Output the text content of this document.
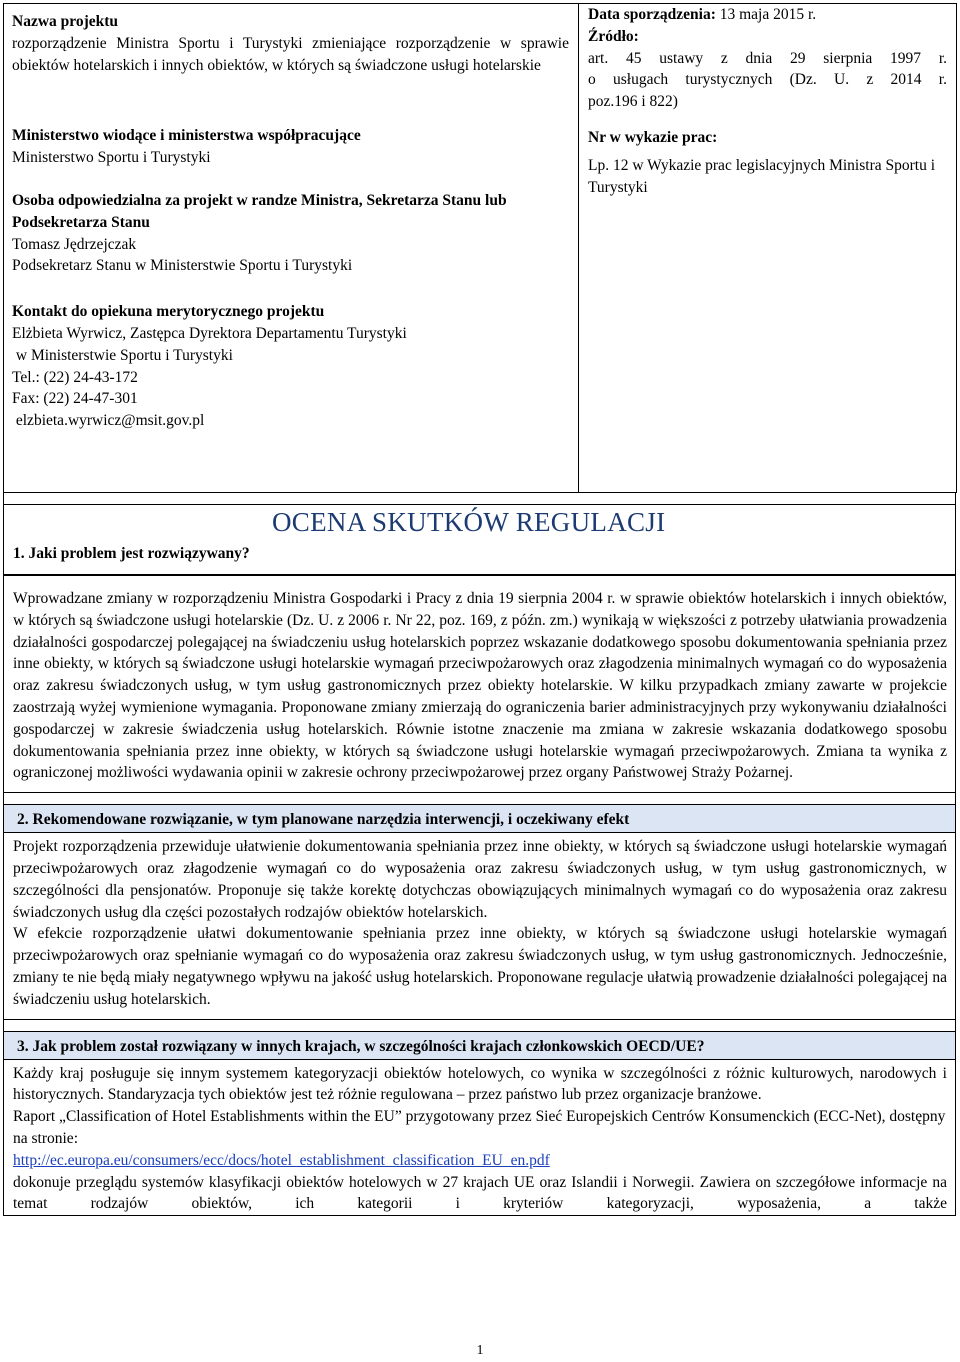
Nazwa projektu

rozporządzenie Ministra Sportu i Turystyki zmieniające rozporządzenie w sprawie obiektów hotelarskich i innych obiektów, w których są świadczone usługi hotelarskie

Ministerstwo wiodące i ministerstwa współpracujące

Ministerstwo Sportu i Turystyki

Osoba odpowiedzialna za projekt w randze Ministra, Sekretarza Stanu lub Podsekretarza Stanu

Tomasz Jędrzejczak

Podsekretarz Stanu w Ministerstwie Sportu i Turystyki

Kontakt do opiekuna merytorycznego projektu

Elżbieta Wyrwicz, Zastępca Dyrektora Departamentu Turystyki

w Ministerstwie Sportu i Turystyki

Tel.: (22) 24-43-172

Fax: (22) 24-47-301

elzbieta.wyrwicz@msit.gov.pl

Data sporządzenia: 13 maja 2015 r.

Źródło:

art. 45 ustawy z dnia 29 sierpnia 1997 r.
o usługach turystycznych (Dz. U. z 2014 r.
poz.196 i 822)

Nr w wykazie prac:

Lp. 12 w Wykazie prac legislacyjnych Ministra Sportu i Turystyki

OCENA SKUTKÓW REGULACJI
1. Jaki problem jest rozwiązywany?
Wprowadzane zmiany w rozporządzeniu Ministra Gospodarki i Pracy z dnia 19 sierpnia 2004 r. w sprawie obiektów hotelarskich i innych obiektów, w których są świadczone usługi hotelarskie (Dz. U. z 2006 r. Nr 22, poz. 169, z późn. zm.) wynikają w większości z potrzeby ułatwiania prowadzenia działalności gospodarczej polegającej na świadczeniu usług hotelarskich poprzez wskazanie dodatkowego sposobu dokumentowania spełniania przez inne obiekty, w których są świadczone usługi hotelarskie wymagań przeciwpożarowych oraz złagodzenia minimalnych wymagań co do wyposażenia oraz zakresu świadczonych usług, w tym usług gastronomicznych przez obiekty hotelarskie. W kilku przypadkach zmiany zawarte w projekcie zaostrzają wyżej wymienione wymagania. Proponowane zmiany zmierzają do ograniczenia barier administracyjnych przy wykonywaniu działalności gospodarczej w zakresie świadczenia usług hotelarskich. Równie istotne znaczenie ma zmiana w zakresie wskazania dodatkowego sposobu dokumentowania spełniania przez inne obiekty, w których są świadczone usługi hotelarskie wymagań przeciwpożarowych. Zmiana ta wynika z ograniczonej możliwości wydawania opinii w zakresie ochrony przeciwpożarowej przez organy Państwowej Straży Pożarnej.
2. Rekomendowane rozwiązanie, w tym planowane narzędzia interwencji, i oczekiwany efekt

Projekt rozporządzenia przewiduje ułatwienie dokumentowania spełniania przez inne obiekty, w których są świadczone usługi hotelarskie wymagań przeciwpożarowych oraz złagodzenie wymagań co do wyposażenia oraz zakresu świadczonych usług, w tym usług gastronomicznych, w szczególności dla pensjonatów. Proponuje się także korektę dotychczas obowiązujących minimalnych wymagań co do wyposażenia oraz zakresu świadczonych usług dla części pozostałych rodzajów obiektów hotelarskich.

W efekcie rozporządzenie ułatwi dokumentowanie spełniania przez inne obiekty, w których są świadczone usługi hotelarskie wymagań przeciwpożarowych oraz spełnianie wymagań co do wyposażenia oraz zakresu świadczonych usług, w tym usług gastronomicznych. Jednocześnie, zmiany te nie będą miały negatywnego wpływu na jakość usług hotelarskich. Proponowane regulacje ułatwią prowadzenie działalności polegającej na świadczeniu usług hotelarskich.

3. Jak problem został rozwiązany w innych krajach, w szczególności krajach członkowskich OECD/UE?

Każdy kraj posługuje się innym systemem kategoryzacji obiektów hotelowych, co wynika w szczególności z różnic kulturowych, narodowych i historycznych. Standaryzacja tych obiektów jest też różnie regulowana – przez państwo lub przez organizacje branżowe.

Raport „Classification of Hotel Establishments within the EU” przygotowany przez Sieć Europejskich Centrów Konsumenckich (ECC-Net), dostępny na stronie:

http://ec.europa.eu/consumers/ecc/docs/hotel_establishment_classification_EU_en.pdf

dokonuje przeglądu systemów klasyfikacji obiektów hotelowych w 27 krajach UE oraz Islandii i Norwegii. Zawiera on szczegółowe informacje na temat rodzajów obiektów, ich kategorii i kryteriów kategoryzacji, wyposażenia, a także

1
